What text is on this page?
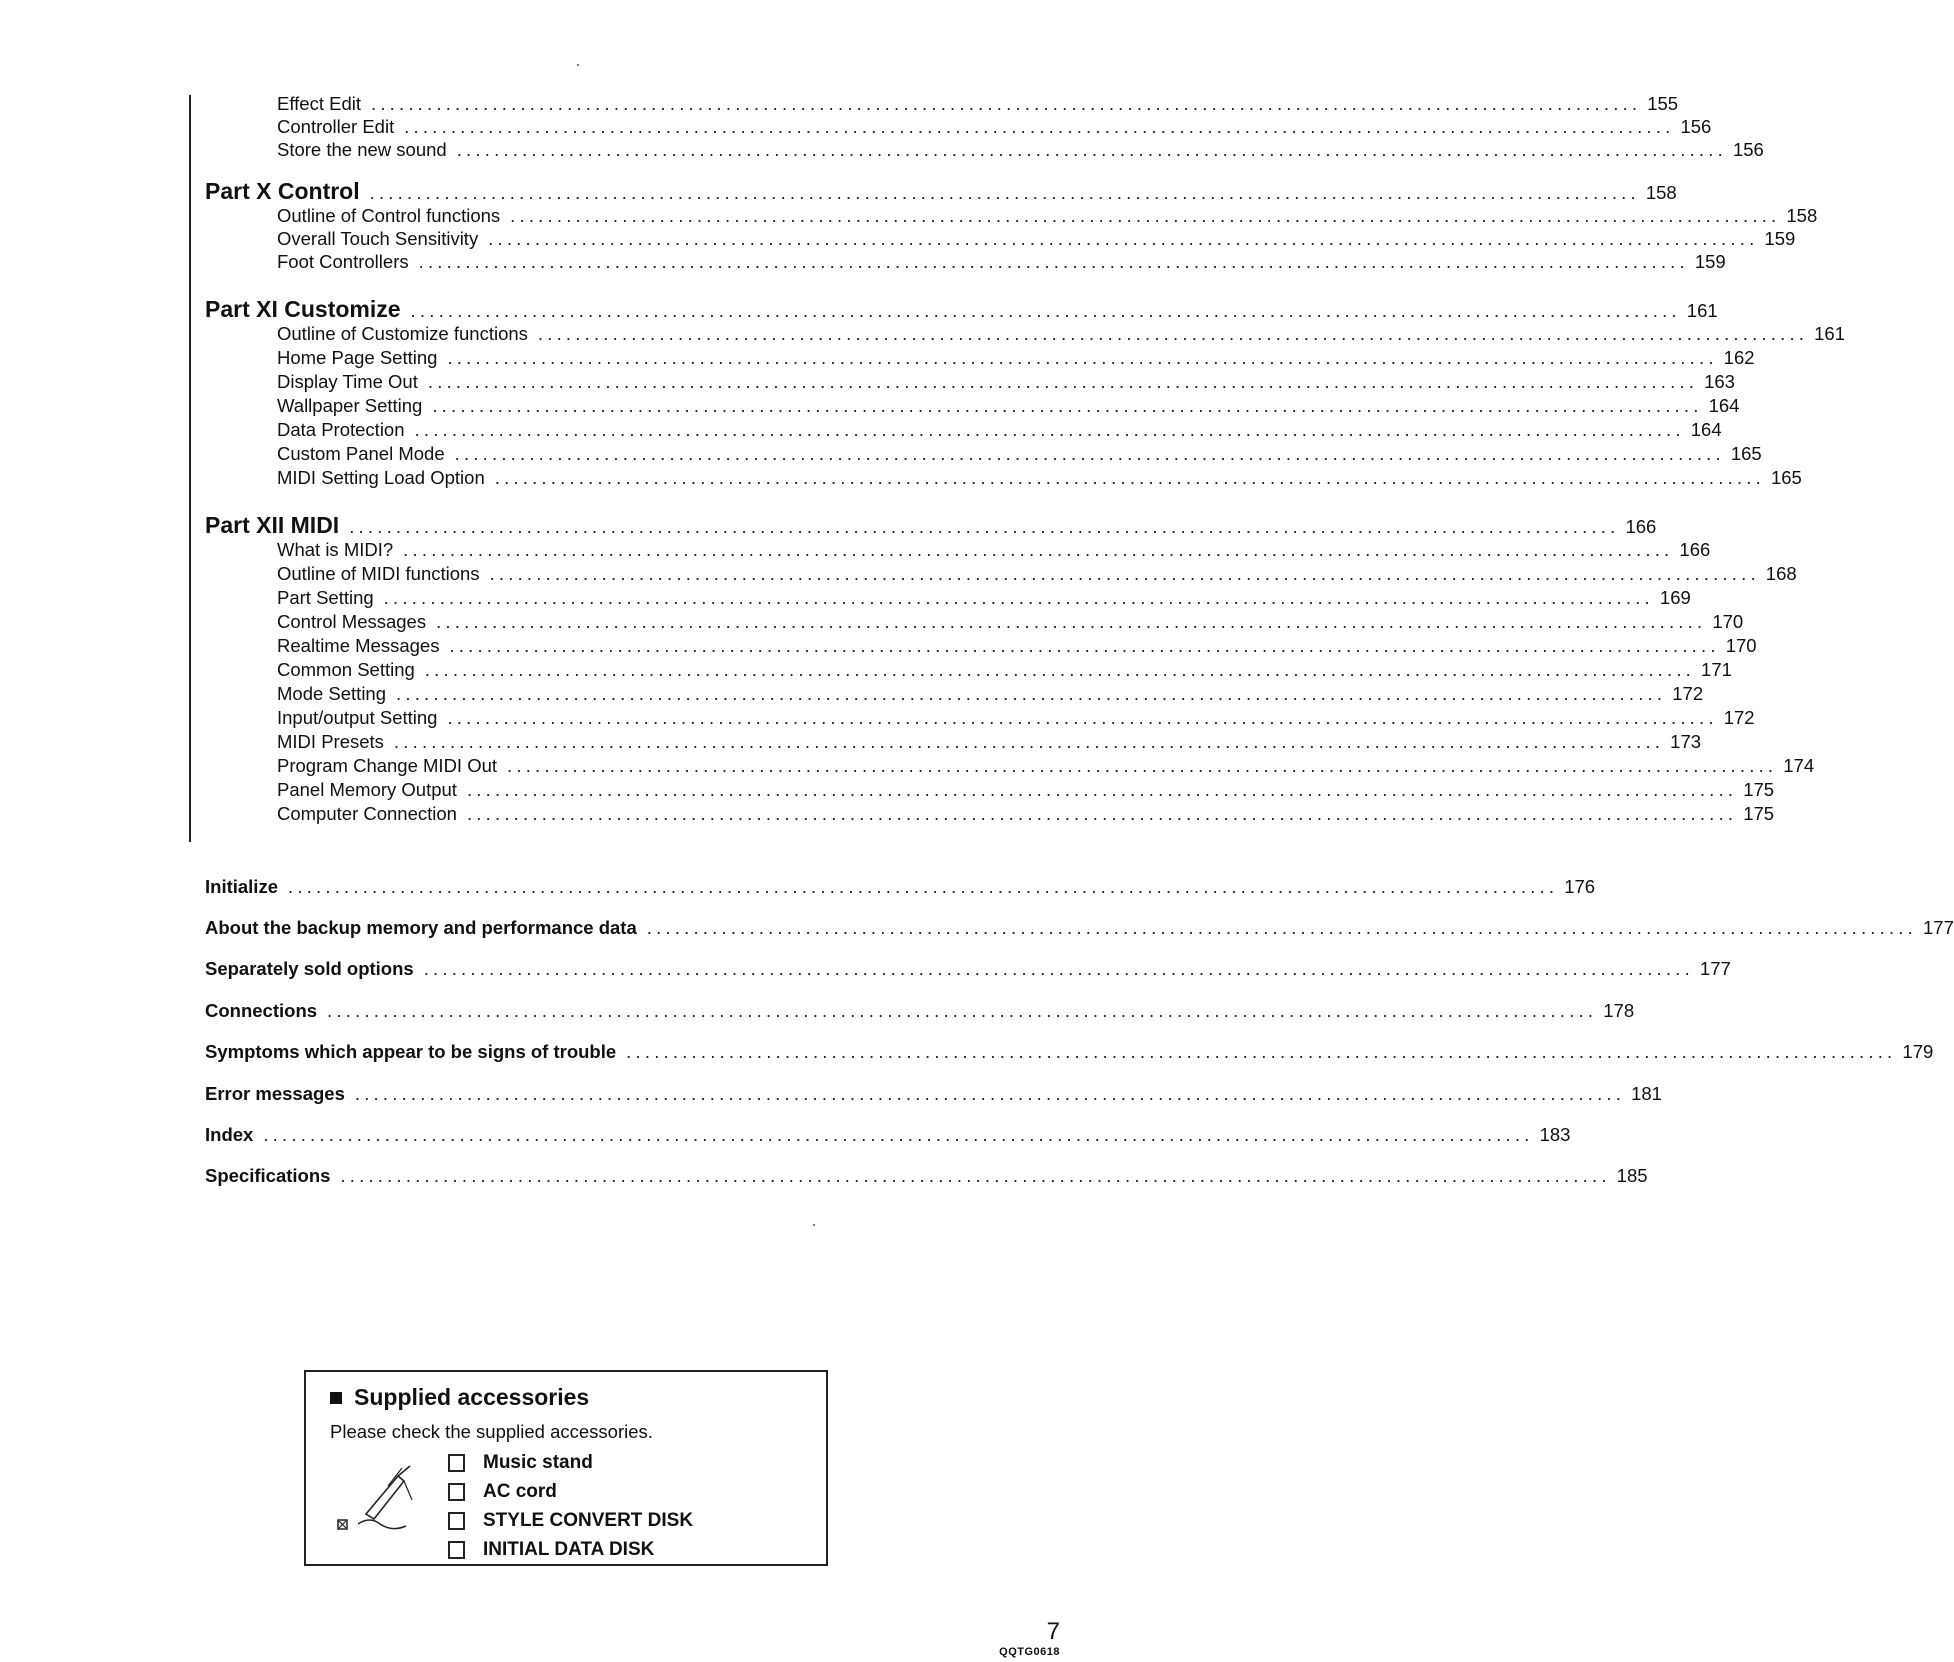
Effect Edit ........................................................................................................................................ 155
Controller Edit ........................................................................................................................................ 156
Store the new sound ........................................................................................................................................ 156
Part X Control ........................................................................................................................................ 158
Outline of Control functions ........................................................................................................................................ 158
Overall Touch Sensitivity ........................................................................................................................................ 159
Foot Controllers ........................................................................................................................................ 159
Part XI Customize ........................................................................................................................................ 161
Outline of Customize functions ........................................................................................................................................ 161
Home Page Setting ........................................................................................................................................ 162
Display Time Out ........................................................................................................................................ 163
Wallpaper Setting ........................................................................................................................................ 164
Data Protection ........................................................................................................................................ 164
Custom Panel Mode ........................................................................................................................................ 165
MIDI Setting Load Option ........................................................................................................................................ 165
Part XII MIDI ........................................................................................................................................ 166
What is MIDI? ........................................................................................................................................ 166
Outline of MIDI functions ........................................................................................................................................ 168
Part Setting ........................................................................................................................................ 169
Control Messages ........................................................................................................................................ 170
Realtime Messages ........................................................................................................................................ 170
Common Setting ........................................................................................................................................ 171
Mode Setting ........................................................................................................................................ 172
Input/output Setting ........................................................................................................................................ 172
MIDI Presets ........................................................................................................................................ 173
Program Change MIDI Out ........................................................................................................................................ 174
Panel Memory Output ........................................................................................................................................ 175
Computer Connection ........................................................................................................................................ 175
Initialize ........................................................................................................................................ 176
About the backup memory and performance data ........................................................................................................................................ 177
Separately sold options ........................................................................................................................................ 177
Connections ........................................................................................................................................ 178
Symptoms which appear to be signs of trouble ........................................................................................................................................ 179
Error messages ........................................................................................................................................ 181
Index ........................................................................................................................................ 183
Specifications ........................................................................................................................................ 185
Supplied accessories
Please check the supplied accessories.
Music stand
AC cord
STYLE CONVERT DISK
INITIAL DATA DISK
7
QQTG0618
